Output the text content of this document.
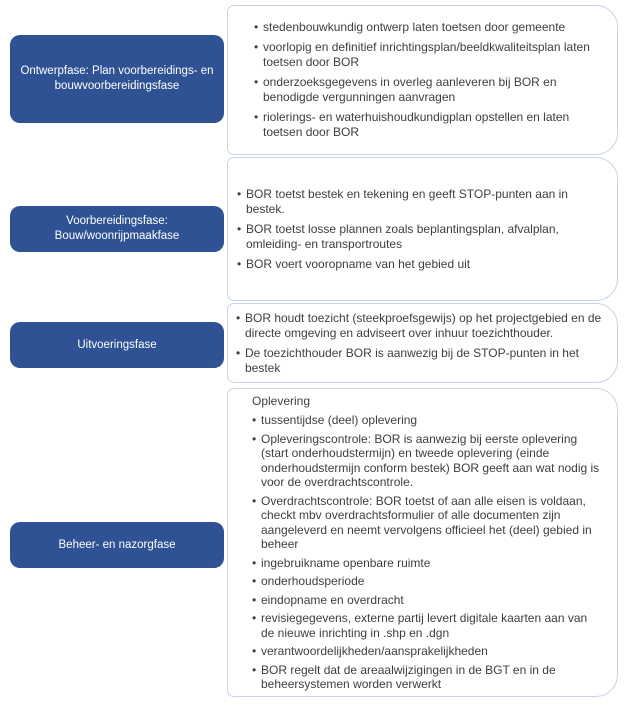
• stedenbouwkundig ontwerp laten toetsen door gemeente
• voorlopig en definitief inrichtingsplan/beeldkwaliteitsplan laten toetsen door BOR
• onderzoeksgegevens in overleg aanleveren bij BOR en benodigde vergunningen aanvragen
• riolerings- en waterhuishoudkundigplan opstellen en laten toetsen door BOR
• BOR toetst bestek en tekening en geeft STOP-punten aan in bestek.
• BOR toetst losse plannen zoals beplantingsplan, afvalplan, omleiding- en transportroutes
• BOR voert vooropname van het gebied uit
• BOR houdt toezicht (steekproefsgewijs) op het projectgebied en de directe omgeving en adviseert over inhuur toezichthouder.
• De toezichthouder BOR is aanwezig bij de STOP-punten in het bestek
Oplevering
• tussentijdse (deel) oplevering
• Opleveringscontrole: BOR is aanwezig bij eerste oplevering (start onderhoudstermijn) en tweede oplevering (einde onderhoudstermijn conform bestek) BOR geeft aan wat nodig is voor de overdrachtscontrole.
• Overdrachtscontrole: BOR toetst of aan alle eisen is voldaan, checkt mbv overdrachtsformulier of alle documenten zijn aangeleverd en neemt vervolgens officieel het (deel) gebied in beheer
• ingebruikname openbare ruimte
• onderhoudsperiode
• eindopname en overdracht
• revisiegegevens, externe partij levert digitale kaarten aan van de nieuwe inrichting in .shp en .dgn
• verantwoordelijkheden/aansprakelijkheden
• BOR regelt dat de areaalwijzigingen in de BGT en in de beheersystemen worden verwerkt
Ontwerpfase: Plan voorbereidings- en bouwvoorbereidingsfase
Voorbereidingsfase: Bouw/woonrijpmaakfase
Uitvoeringsfase
Beheer- en nazorgfase
